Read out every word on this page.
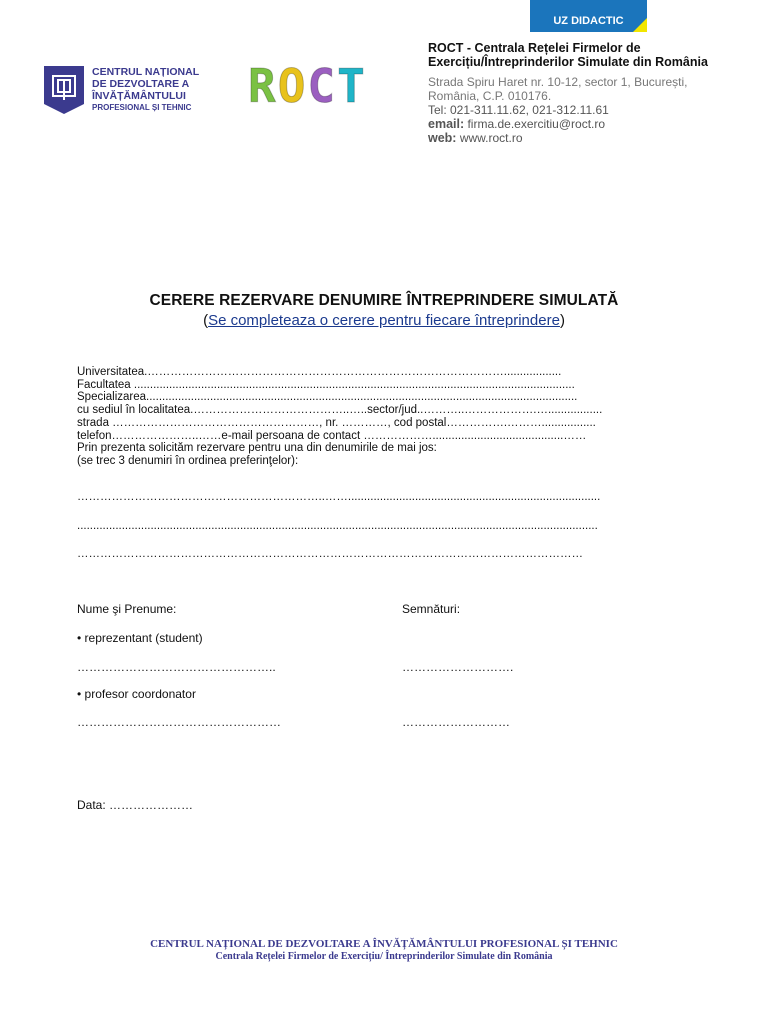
UZ DIDACTIC
CENTRUL NAȚIONAL
DE DEZVOLTARE A
ÎNVĂȚĂMÂNTULUI
PROFESIONAL ȘI TEHNIC ROCT
ROCT - Centrala Rețelei Firmelor de
Exercițiu/Întreprinderilor Simulate din România
Strada Spiru Haret nr. 10-12, sector 1, București,
România, C.P. 010176.
Tel: 021-311.11.62, 021-312.11.61
email: firma.de.exercitiu@roct.ro
web: www.roct.ro
CERERE REZERVARE DENUMIRE ÎNTREPRINDERE SIMULATĂ
(Se completeaza o cerere pentru fiecare întreprindere)
Universitatea.…………………………………………………………………………………..................
Facultatea ..........................................................................................................................................
Specializarea.......................................................................................................................................
cu sediul în localitatea.…………………………………..…..sector/jud..………..……………….….................
strada ………………………………………………, nr. …………, cod postal…………….……….................
telefon…………………..……e-mail persoana de contact ……………….........................................……
Prin prezenta solicităm rezervare pentru una din denumirile de mai jos:
(se trec 3 denumiri în ordinea preferinţelor):
………………………………………………………..……...............................................................................
...................................................................................................................................................................
……………………………………………………………………………………………………………………
Nume şi Prenume:	Semnături:
• reprezentant (student)
…………………………………………..	……………………….
• profesor coordonator
……………………………………………	………………………
Data: …………………
CENTRUL NAȚIONAL DE DEZVOLTARE A ÎNVĂȚĂMÂNTULUI PROFESIONAL ȘI TEHNIC
Centrala Rețelei Firmelor de Exercițiu/ Întreprinderilor Simulate din România
